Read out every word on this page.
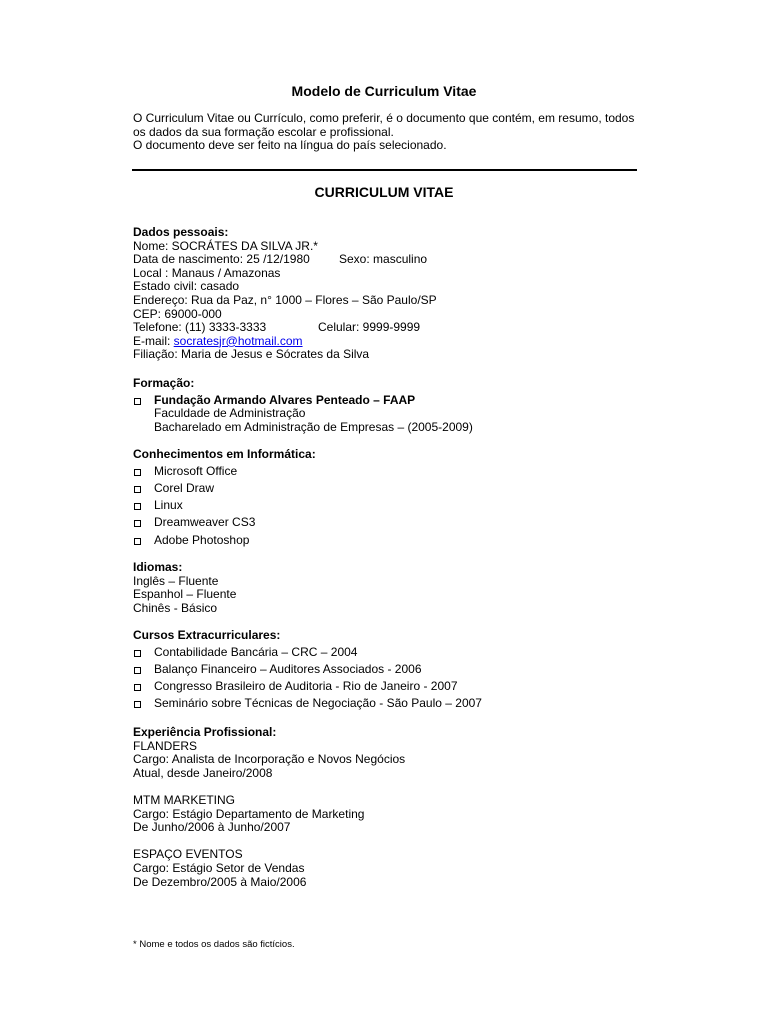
Modelo de Curriculum Vitae
O Curriculum Vitae ou Currículo, como preferir, é o documento que contém, em resumo, todos
os dados da sua formação escolar e profissional.
O documento deve ser feito na língua do país selecionado.
CURRICULUM VITAE
Dados pessoais:
Nome: SOCRÁTES DA SILVA JR.*
Data de nascimento: 25 /12/1980 Sexo: masculino
Local : Manaus / Amazonas
Estado civil: casado
Endereço: Rua da Paz, n° 1000 – Flores – São Paulo/SP
CEP: 69000-000
Telefone: (11) 3333-3333	Celular: 9999-9999
E-mail: socratesjr@hotmail.com
Filiação: Maria de Jesus e Sócrates da Silva
Formação:
Fundação Armando Alvares Penteado – FAAP
Faculdade de Administração
Bacharelado em Administração de Empresas – (2005-2009)
Conhecimentos em Informática:
Microsoft Office
Corel Draw
Linux
Dreamweaver CS3
Adobe Photoshop
Idiomas:
Inglês – Fluente
Espanhol – Fluente
Chinês - Básico
Cursos Extracurriculares:
Contabilidade Bancária – CRC – 2004
Balanço Financeiro – Auditores Associados - 2006
Congresso Brasileiro de Auditoria - Rio de Janeiro - 2007
Seminário sobre Técnicas de Negociação - São Paulo – 2007
Experiência Profissional:
FLANDERS
Cargo: Analista de Incorporação e Novos Negócios
Atual, desde Janeiro/2008
MTM MARKETING
Cargo: Estágio Departamento de Marketing
De Junho/2006 à Junho/2007
ESPAÇO EVENTOS
Cargo: Estágio Setor de Vendas
De Dezembro/2005 à Maio/2006
* Nome e todos os dados são fictícios.
